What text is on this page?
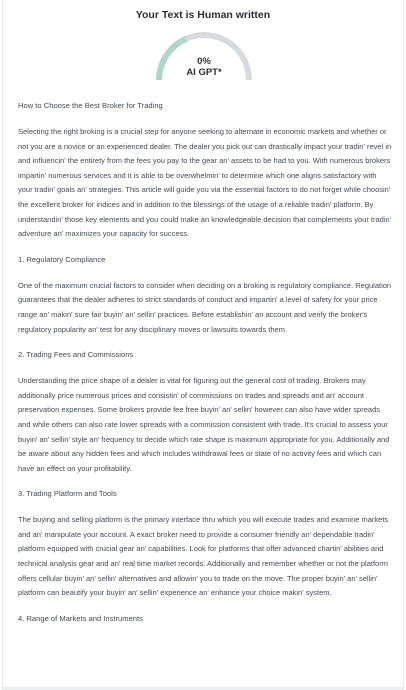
Your Text is Human written
0%
AI GPT*

How to Choose the Best Broker for Trading

Selecting the right broking is a crucial step for anyone seeking to alternate in economic markets and whether or not you are a novice or an experienced dealer. The dealer you pick out can drastically impact your tradin' revel in and influencin' the entirety from the fees you pay to the gear an' assets to be had to you. With numerous brokers impartin' numerous services and it is able to be overwhelmin' to determine which one aligns satisfactory with your tradin' goals an' strategies. This article will guide you via the essential factors to do not forget while choosin' the excellent broker for indices and in addition to the blessings of the usage of a reliable tradin' platform. By understandin' those key elements and you could make an knowledgeable decision that complements your tradin' adventure an' maximizes your capacity for success.

1. Regulatory Compliance

One of the maximum crucial factors to consider when deciding on a broking is regulatory compliance. Regulation guarantees that the dealer adheres to strict standards of conduct and impartin' a level of safety for your price range an' makin' sure fair buyin' an' sellin' practices. Before establishin' an account and verify the broker's regulatory popularity an' test for any disciplinary moves or lawsuits towards them.

2. Trading Fees and Commissions

Understanding the price shape of a dealer is vital for figuring out the general cost of trading. Brokers may additionally price numerous prices and consistin' of commissions on trades and spreads and an' account preservation expenses. Some brokers provide fee free buyin' an' sellin' however can also have wider spreads and while others can also rate lower spreads with a commission consistent with trade. It's crucial to assess your buyin' an' sellin' style an' frequency to decide which rate shape is maximum appropriate for you. Additionally and be aware about any hidden fees and which includes withdrawal fees or state of no activity fees and which can have an effect on your profitability.

3. Trading Platform and Tools

The buying and selling platform is the primary interface thru which you will execute trades and examine markets and an' manipulate your account. A exact broker need to provide a consumer friendly an' dependable tradin' platform equipped with crucial gear an' capabilities. Look for platforms that offer advanced chartin' abilities and technical analysis gear and an' real time market records. Additionally and remember whether or not the platform offers cellular buyin' an' sellin' alternatives and allowin' you to trade on the move. The proper buyin' an' sellin' platform can beautify your buyin' an' sellin' experience an' enhance your choice makin' system.

4. Range of Markets and Instruments
